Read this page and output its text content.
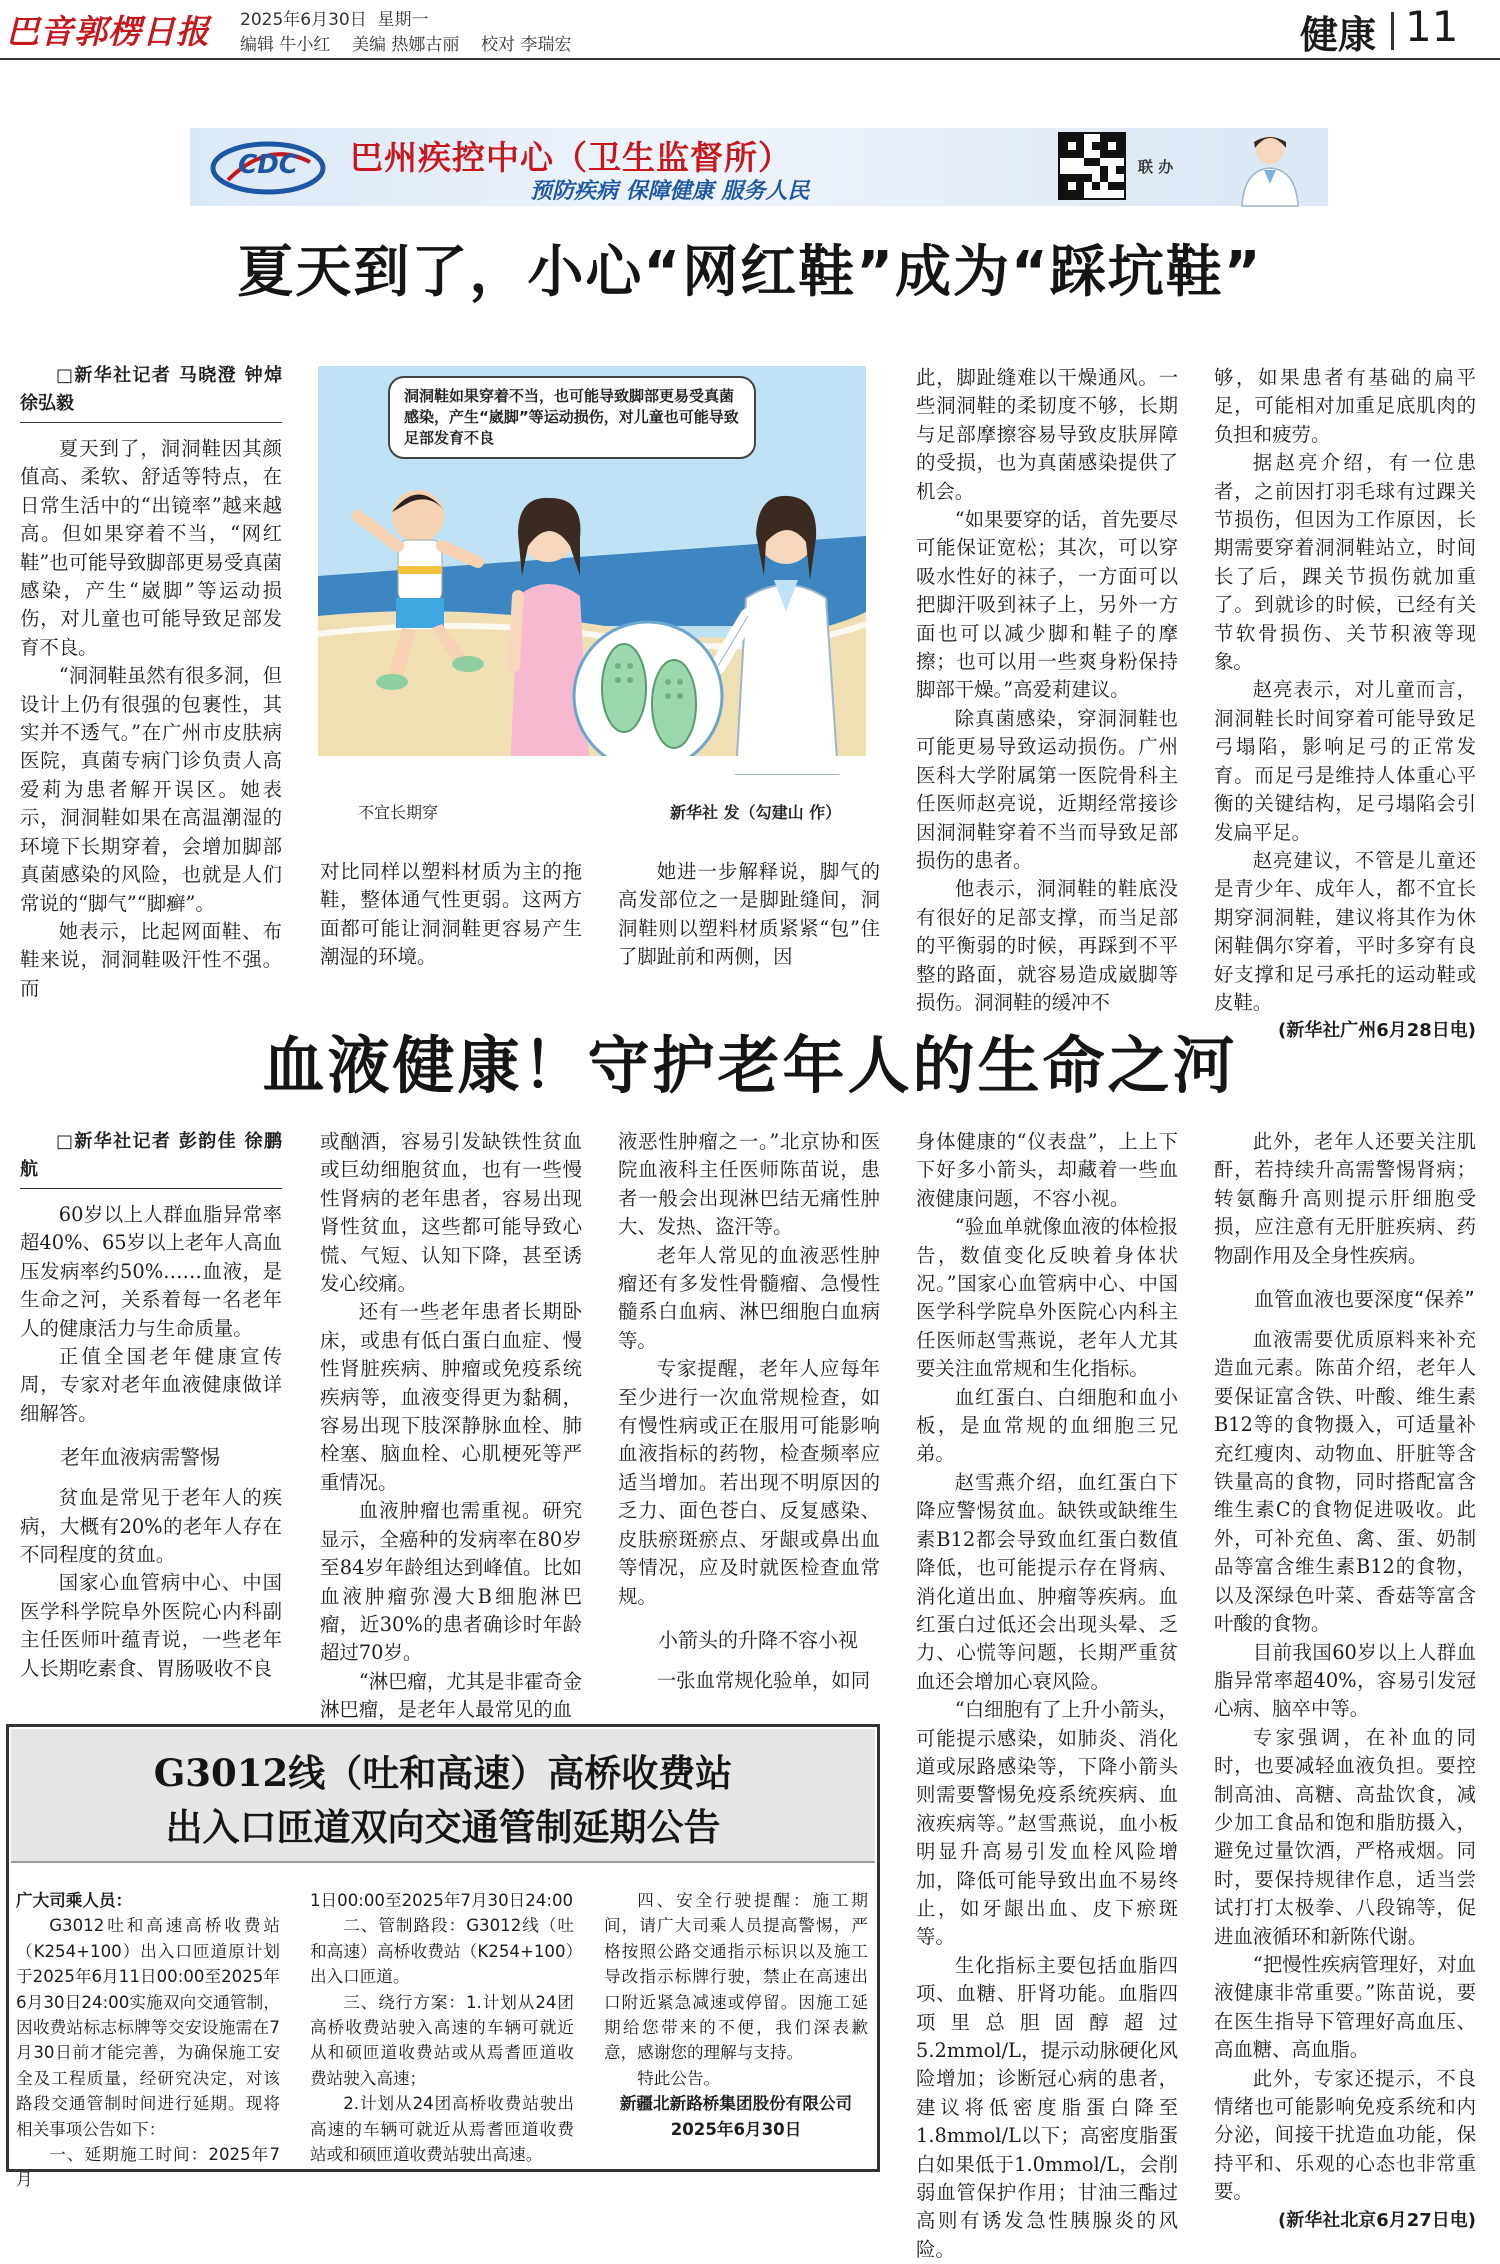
巴音郭楞日报 2025年6月30日  星期一
编辑 牛小红    美编 热娜古丽    校对 李瑞宏	健康 11
CDC	巴州疾控中心（卫生监督所）
预防疾病 保障健康 服务人民
联 办
夏天到了，小心“网红鞋”成为“踩坑鞋”

□新华社记者 马晓澄 钟焯 徐弘毅

夏天到了，洞洞鞋因其颜值高、柔软、舒适等特点，在日常生活中的“出镜率”越来越高。但如果穿着不当，“网红鞋”也可能导致脚部更易受真菌感染，产生“崴脚”等运动损伤，对儿童也可能导致足部发育不良。

“洞洞鞋虽然有很多洞，但设计上仍有很强的包裹性，其实并不透气。”在广州市皮肤病医院，真菌专病门诊负责人高爱莉为患者解开误区。她表示，洞洞鞋如果在高温潮湿的环境下长期穿着，会增加脚部真菌感染的风险，也就是人们常说的“脚气”“脚癣”。

她表示，比起网面鞋、布鞋来说，洞洞鞋吸汗性不强。而

洞洞鞋如果穿着不当，也可能导致脚部更易受真菌感染，产生“崴脚”等运动损伤，对儿童也可能导致足部发育不良
不宜长期穿	新华社 发（勾建山 作）

对比同样以塑料材质为主的拖鞋，整体通气性更弱。这两方面都可能让洞洞鞋更容易产生潮湿的环境。

她进一步解释说，脚气的高发部位之一是脚趾缝间，洞洞鞋则以塑料材质紧紧“包”住了脚趾前和两侧，因

此，脚趾缝难以干燥通风。一些洞洞鞋的柔韧度不够，长期与足部摩擦容易导致皮肤屏障的受损，也为真菌感染提供了机会。

“如果要穿的话，首先要尽可能保证宽松；其次，可以穿吸水性好的袜子，一方面可以把脚汗吸到袜子上，另外一方面也可以减少脚和鞋子的摩擦；也可以用一些爽身粉保持脚部干燥。”高爱莉建议。

除真菌感染，穿洞洞鞋也可能更易导致运动损伤。广州医科大学附属第一医院骨科主任医师赵亮说，近期经常接诊因洞洞鞋穿着不当而导致足部损伤的患者。

他表示，洞洞鞋的鞋底没有很好的足部支撑，而当足部的平衡弱的时候，再踩到不平整的路面，就容易造成崴脚等损伤。洞洞鞋的缓冲不

够，如果患者有基础的扁平足，可能相对加重足底肌肉的负担和疲劳。

据赵亮介绍，有一位患者，之前因打羽毛球有过踝关节损伤，但因为工作原因，长期需要穿着洞洞鞋站立，时间长了后，踝关节损伤就加重了。到就诊的时候，已经有关节软骨损伤、关节积液等现象。

赵亮表示，对儿童而言，洞洞鞋长时间穿着可能导致足弓塌陷，影响足弓的正常发育。而足弓是维持人体重心平衡的关键结构，足弓塌陷会引发扁平足。

赵亮建议，不管是儿童还是青少年、成年人，都不宜长期穿洞洞鞋，建议将其作为休闲鞋偶尔穿着，平时多穿有良好支撑和足弓承托的运动鞋或皮鞋。

(新华社广州6月28日电)

血液健康！守护老年人的生命之河

□新华社记者 彭韵佳 徐鹏航

60岁以上人群血脂异常率超40%、65岁以上老年人高血压发病率约50%……血液，是生命之河，关系着每一名老年人的健康活力与生命质量。

正值全国老年健康宣传周，专家对老年血液健康做详细解答。

老年血液病需警惕

贫血是常见于老年人的疾病，大概有20%的老年人存在不同程度的贫血。

国家心血管病中心、中国医学科学院阜外医院心内科副主任医师叶蕴青说，一些老年人长期吃素食、胃肠吸收不良

或酗酒，容易引发缺铁性贫血或巨幼细胞贫血，也有一些慢性肾病的老年患者，容易出现肾性贫血，这些都可能导致心慌、气短、认知下降，甚至诱发心绞痛。

还有一些老年患者长期卧床，或患有低白蛋白血症、慢性肾脏疾病、肿瘤或免疫系统疾病等，血液变得更为黏稠，容易出现下肢深静脉血栓、肺栓塞、脑血栓、心肌梗死等严重情况。

血液肿瘤也需重视。研究显示，全癌种的发病率在80岁至84岁年龄组达到峰值。比如血液肿瘤弥漫大B细胞淋巴瘤，近30%的患者确诊时年龄超过70岁。

“淋巴瘤，尤其是非霍奇金淋巴瘤，是老年人最常见的血

液恶性肿瘤之一。”北京协和医院血液科主任医师陈苗说，患者一般会出现淋巴结无痛性肿大、发热、盗汗等。

老年人常见的血液恶性肿瘤还有多发性骨髓瘤、急慢性髓系白血病、淋巴细胞白血病等。

专家提醒，老年人应每年至少进行一次血常规检查，如有慢性病或正在服用可能影响血液指标的药物，检查频率应适当增加。若出现不明原因的乏力、面色苍白、反复感染、皮肤瘀斑瘀点、牙龈或鼻出血等情况，应及时就医检查血常规。

小箭头的升降不容小视

一张血常规化验单，如同

身体健康的“仪表盘”，上上下下好多小箭头，却藏着一些血液健康问题，不容小视。

“验血单就像血液的体检报告，数值变化反映着身体状况。”国家心血管病中心、中国医学科学院阜外医院心内科主任医师赵雪燕说，老年人尤其要关注血常规和生化指标。

血红蛋白、白细胞和血小板，是血常规的血细胞三兄弟。

赵雪燕介绍，血红蛋白下降应警惕贫血。缺铁或缺维生素B12都会导致血红蛋白数值降低，也可能提示存在肾病、消化道出血、肿瘤等疾病。血红蛋白过低还会出现头晕、乏力、心慌等问题，长期严重贫血还会增加心衰风险。

“白细胞有了上升小箭头，可能提示感染，如肺炎、消化道或尿路感染等，下降小箭头则需要警惕免疫系统疾病、血液疾病等。”赵雪燕说，血小板明显升高易引发血栓风险增加，降低可能导致出血不易终止，如牙龈出血、皮下瘀斑等。

生化指标主要包括血脂四项、血糖、肝肾功能。血脂四项里总胆固醇超过5.2mmol/L，提示动脉硬化风险增加；诊断冠心病的患者，建议将低密度脂蛋白降至1.8mmol/L以下；高密度脂蛋白如果低于1.0mmol/L，会削弱血管保护作用；甘油三酯过高则有诱发急性胰腺炎的风险。

此外，老年人还要关注肌酐，若持续升高需警惕肾病；转氨酶升高则提示肝细胞受损，应注意有无肝脏疾病、药物副作用及全身性疾病。

血管血液也要深度“保养”

血液需要优质原料来补充造血元素。陈苗介绍，老年人要保证富含铁、叶酸、维生素B12等的食物摄入，可适量补充红瘦肉、动物血、肝脏等含铁量高的食物，同时搭配富含维生素C的食物促进吸收。此外，可补充鱼、禽、蛋、奶制品等富含维生素B12的食物，以及深绿色叶菜、香菇等富含叶酸的食物。

目前我国60岁以上人群血脂异常率超40%，容易引发冠心病、脑卒中等。

专家强调，在补血的同时，也要减轻血液负担。要控制高油、高糖、高盐饮食，减少加工食品和饱和脂肪摄入，避免过量饮酒，严格戒烟。同时，要保持规律作息，适当尝试打打太极拳、八段锦等，促进血液循环和新陈代谢。

“把慢性疾病管理好，对血液健康非常重要。”陈苗说，要在医生指导下管理好高血压、高血糖、高血脂。

此外，专家还提示，不良情绪也可能影响免疫系统和内分泌，间接干扰造血功能，保持平和、乐观的心态也非常重要。

(新华社北京6月27日电)

G3012线（吐和高速）高桥收费站
出入口匝道双向交通管制延期公告

广大司乘人员：

G3012吐和高速高桥收费站（K254+100）出入口匝道原计划于2025年6月11日00:00至2025年6月30日24:00实施双向交通管制，因收费站标志标牌等交安设施需在7月30日前才能完善，为确保施工安全及工程质量，经研究决定，对该路段交通管制时间进行延期。现将相关事项公告如下：

一、延期施工时间：2025年7月

1日00:00至2025年7月30日24:00

二、管制路段：G3012线（吐和高速）高桥收费站（K254+100）出入口匝道。

三、绕行方案：1.计划从24团高桥收费站驶入高速的车辆可就近从和硕匝道收费站或从焉耆匝道收费站驶入高速；

2.计划从24团高桥收费站驶出高速的车辆可就近从焉耆匝道收费站或和硕匝道收费站驶出高速。

四、安全行驶提醒：施工期间，请广大司乘人员提高警惕，严格按照公路交通指示标识以及施工导改指示标牌行驶，禁止在高速出口附近紧急减速或停留。因施工延期给您带来的不便，我们深表歉意，感谢您的理解与支持。

特此公告。

新疆北新路桥集团股份有限公司

2025年6月30日
